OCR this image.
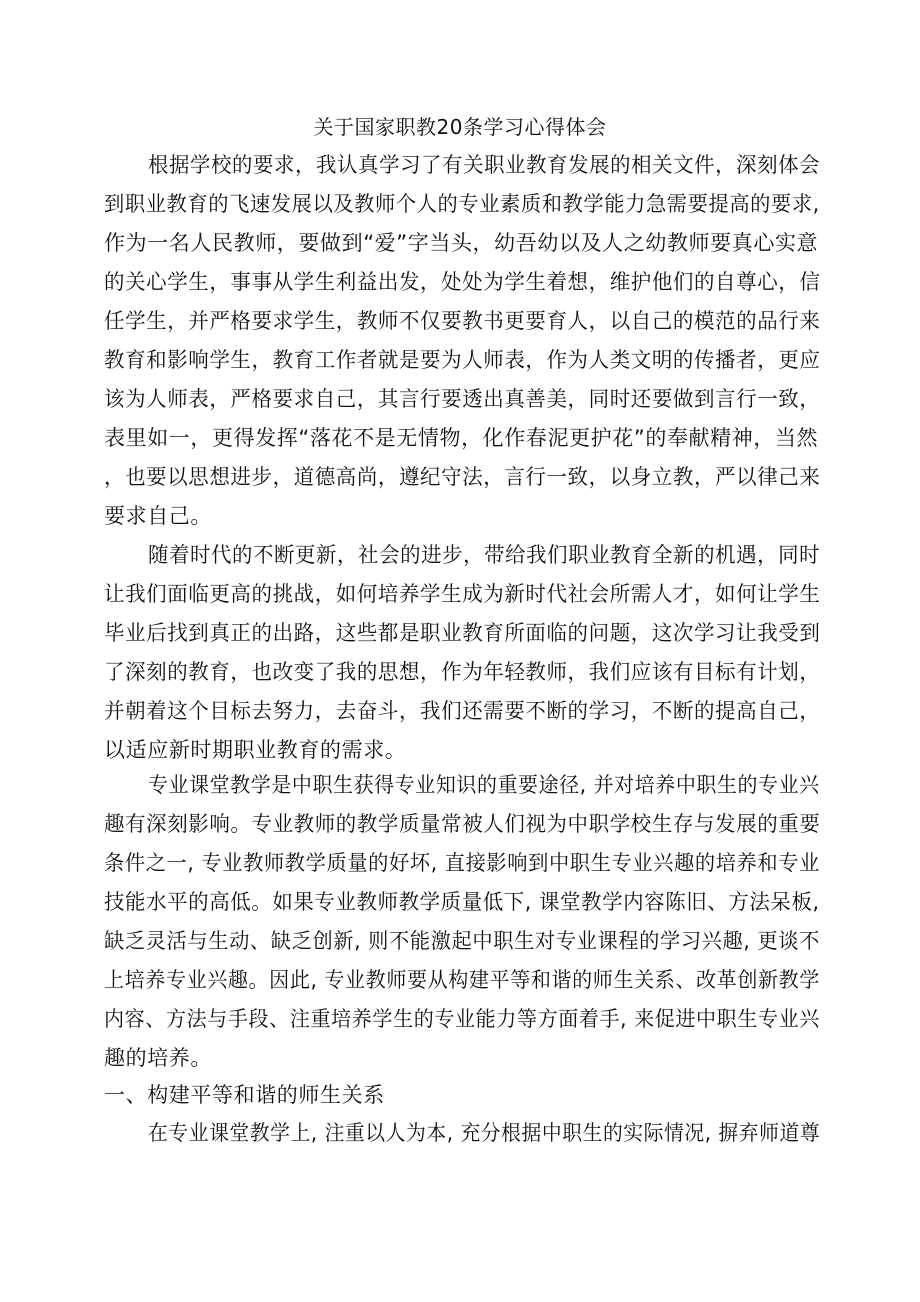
关于国家职教20条学习心得体会
根据学校的要求，我认真学习了有关职业教育发展的相关文件，深刻体会
到职业教育的飞速发展以及教师个人的专业素质和教学能力急需要提高的要求,
作为一名人民教师，要做到“爱”字当头，幼吾幼以及人之幼教师要真心实意
的关心学生，事事从学生利益出发，处处为学生着想，维护他们的自尊心，信
任学生，并严格要求学生，教师不仅要教书更要育人，以自己的模范的品行来
教育和影响学生，教育工作者就是要为人师表，作为人类文明的传播者，更应
该为人师表，严格要求自己，其言行要透出真善美，同时还要做到言行一致，
表里如一，更得发挥“落花不是无情物，化作春泥更护花”的奉献精神，当然
，也要以思想进步，道德高尚，遵纪守法，言行一致，以身立教，严以律己来
要求自己。
随着时代的不断更新，社会的进步，带给我们职业教育全新的机遇，同时
让我们面临更高的挑战，如何培养学生成为新时代社会所需人才，如何让学生
毕业后找到真正的出路，这些都是职业教育所面临的问题，这次学习让我受到
了深刻的教育，也改变了我的思想，作为年轻教师，我们应该有目标有计划，
并朝着这个目标去努力，去奋斗，我们还需要不断的学习，不断的提高自己，
以适应新时期职业教育的需求。
专业课堂教学是中职生获得专业知识的重要途径, 并对培养中职生的专业兴
趣有深刻影响。专业教师的教学质量常被人们视为中职学校生存与发展的重要
条件之一, 专业教师教学质量的好坏, 直接影响到中职生专业兴趣的培养和专业
技能水平的高低。如果专业教师教学质量低下, 课堂教学内容陈旧、方法呆板,
缺乏灵活与生动、缺乏创新, 则不能激起中职生对专业课程的学习兴趣, 更谈不
上培养专业兴趣。因此, 专业教师要从构建平等和谐的师生关系、改革创新教学
内容、方法与手段、注重培养学生的专业能力等方面着手, 来促进中职生专业兴
趣的培养。
一、构建平等和谐的师生关系
在专业课堂教学上, 注重以人为本, 充分根据中职生的实际情况, 摒弃师道尊
